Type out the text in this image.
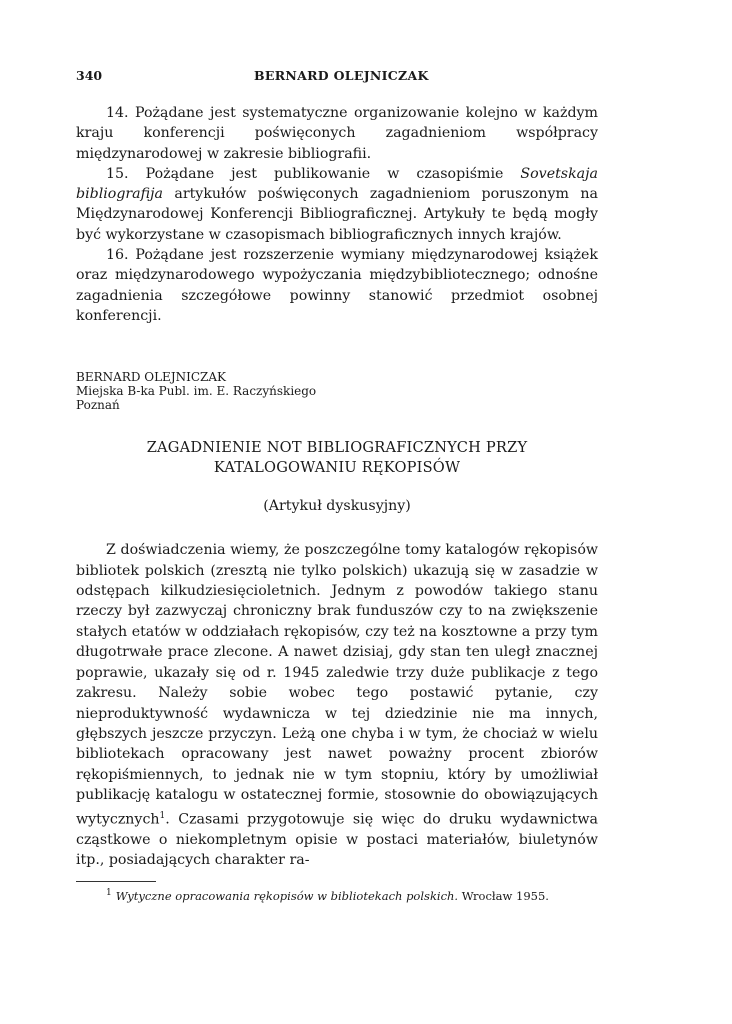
340	BERNARD OLEJNICZAK

14. Pożądane jest systematyczne organizowanie kolejno w każdym kraju konferencji poświęconych zagadnieniom współpracy międzynarodowej w zakresie bibliografii.

15. Pożądane jest publikowanie w czasopiśmie Sovetskaja bibliografija artykułów poświęconych zagadnieniom poruszonym na Międzynarodowej Konferencji Bibliograficznej. Artykuły te będą mogły być wykorzystane w czasopismach bibliograficznych innych krajów.

16. Pożądane jest rozszerzenie wymiany międzynarodowej książek oraz międzynarodowego wypożyczania międzybibliotecznego; odnośne zagadnienia szczegółowe powinny stanowić przedmiot osobnej konferencji.

BERNARD OLEJNICZAK
Miejska B-ka Publ. im. E. Raczyńskiego
Poznań
ZAGADNIENIE NOT BIBLIOGRAFICZNYCH PRZY KATALOGOWANIU RĘKOPISÓW
(Artykuł dyskusyjny)

Z doświadczenia wiemy, że poszczególne tomy katalogów rękopisów bibliotek polskich (zresztą nie tylko polskich) ukazują się w zasadzie w odstępach kilkudziesięcioletnich. Jednym z powodów takiego stanu rzeczy był zazwyczaj chroniczny brak funduszów czy to na zwiększenie stałych etatów w oddziałach rękopisów, czy też na kosztowne a przy tym długotrwałe prace zlecone. A nawet dzisiaj, gdy stan ten uległ znacznej poprawie, ukazały się od r. 1945 zaledwie trzy duże publikacje z tego zakresu. Należy sobie wobec tego postawić pytanie, czy nieproduktywność wydawnicza w tej dziedzinie nie ma innych, głębszych jeszcze przyczyn. Leżą one chyba i w tym, że chociaż w wielu bibliotekach opracowany jest nawet poważny procent zbiorów rękopiśmiennych, to jednak nie w tym stopniu, który by umożliwiał publikację katalogu w ostatecznej formie, stosownie do obowiązujących wytycznych$^1$. Czasami przygotowuje się więc do druku wydawnictwa cząstkowe o niekompletnym opisie w postaci materiałów, biuletynów itp., posiadających charakter ra-

$^1$ Wytyczne opracowania rękopisów w bibliotekach polskich. Wrocław 1955.
